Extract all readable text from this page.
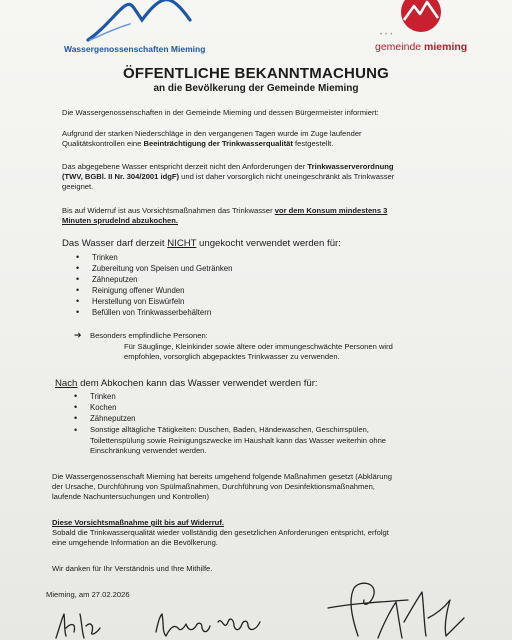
Wassergenossenschaften Mieming
•••
gemeinde mieming
ÖFFENTLICHE BEKANNTMACHUNG
an die Bevölkerung der Gemeinde Mieming
Die Wassergenossenschaften in der Gemeinde Mieming und dessen Bürgermeister informiert:
Aufgrund der starken Niederschläge in den vergangenen Tagen wurde im Zuge laufender
Qualitätskontrollen eine Beeinträchtigung der Trinkwasserqualität festgestellt.
Das abgegebene Wasser entspricht derzeit nicht den Anforderungen der Trinkwasserverordnung
(TWV, BGBl. II Nr. 304/2001 idgF) und ist daher vorsorglich nicht uneingeschränkt als Trinkwasser
geeignet.
Bis auf Widerruf ist aus Vorsichtsmaßnahmen das Trinkwasser vor dem Konsum mindestens 3
Minuten sprudelnd abzukochen.
Das Wasser darf derzeit NICHT ungekocht verwendet werden für:
• Trinken
• Zubereitung von Speisen und Getränken
• Zähneputzen
• Reinigung offener Wunden
• Herstellung von Eiswürfeln
• Befüllen von Trinkwasserbehältern
➔ Besonders empfindliche Personen:
Für Säuglinge, Kleinkinder sowie ältere oder immungeschwächte Personen wird
empfohlen, vorsorglich abgepacktes Trinkwasser zu verwenden.
Nach dem Abkochen kann das Wasser verwendet werden für:
• Trinken
• Kochen
• Zähneputzen
• Sonstige alltägliche Tätigkeiten: Duschen, Baden, Händewaschen, Geschirrspülen,
Toilettenspülung sowie Reinigungszwecke im Haushalt kann das Wasser weiterhin ohne
Einschränkung verwendet werden.
Die Wassergenossenschaft Mieming hat bereits umgehend folgende Maßnahmen gesetzt (Abklärung
der Ursache, Durchführung von Spülmaßnahmen, Durchführung von Desinfektionsmaßnahmen,
laufende Nachuntersuchungen und Kontrollen)
Diese Vorsichtsmaßnahme gilt bis auf Widerruf.
Sobald die Trinkwasserqualität wieder vollständig den gesetzlichen Anforderungen entspricht, erfolgt
eine umgehende Information an die Bevölkerung.
Wir danken für Ihr Verständnis und Ihre Mithilfe.
Mieming, am 27.02.2026
